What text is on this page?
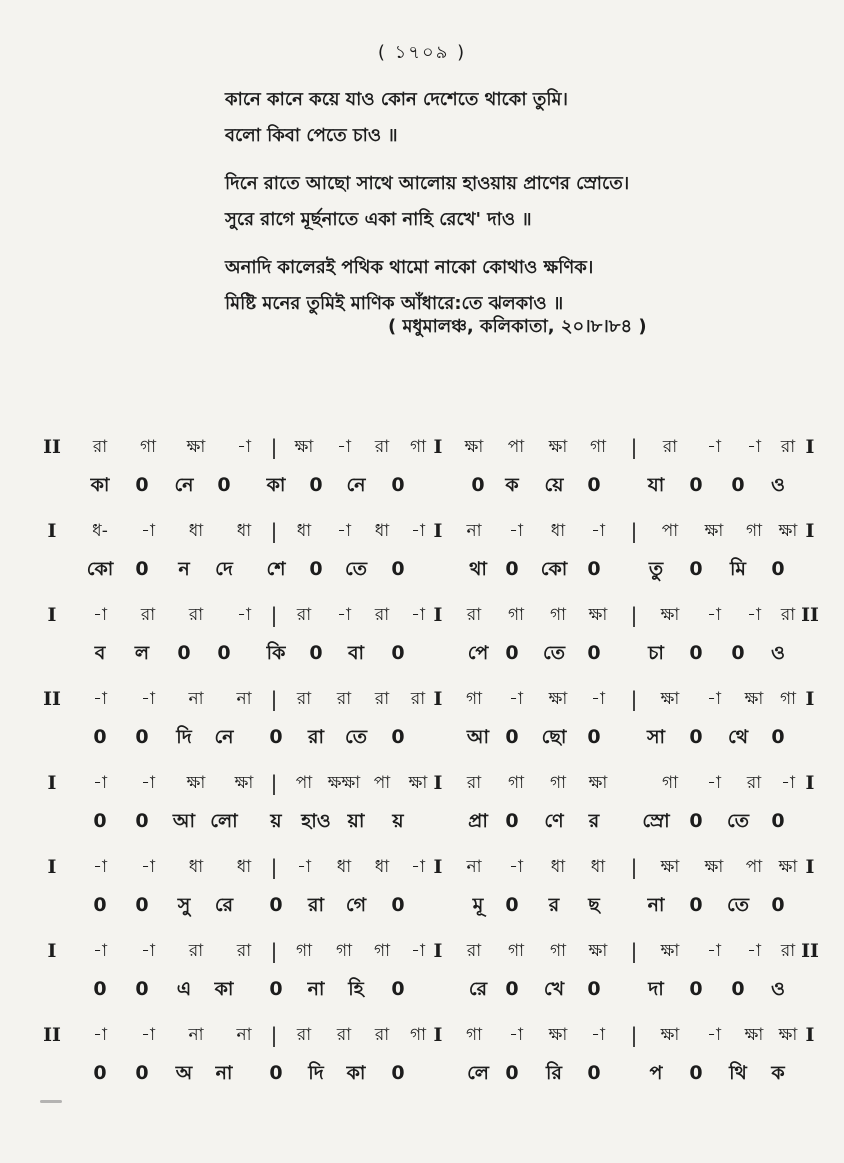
( ১৭০৯ )
কানে কানে কয়ে যাও কোন দেশেতে থাকো তুমি।
বলো কিবা পেতে চাও ॥
দিনে রাতে আছো সাথে আলোয় হাওয়ায় প্রাণের স্রোতে।
সুরে রাগে মূর্ছনাতে একা নাহি রেখে' দাও ॥
অনাদি কালেরই পথিক থামো নাকো কোথাও ক্ষণিক।
মিষ্টি মনের তুমিই মাণিক আঁধারে:তে ঝলকাও ॥
( মধুমালঞ্চ, কলিকাতা, ২০।৮।৮৪ )
II রা গা ক্ষা -া | ক্ষা -া রা গা I ক্ষা পা ক্ষা গা | রা -া -া রা I
কা 0 নে 0 কা 0 নে 0	0 ক য়ে 0 যা 0 0 ও
I ধ- -া ধা ধা | ধা -া ধা -া I না -া ধা -া | পা ক্ষা গা ক্ষা I
কো 0 ন দে শে 0 তে 0	থা 0 কো 0	তু 0 মি 0
I -া রা রা -া | রা -া রা -া I রা গা গা ক্ষা | ক্ষা -া -া রা II
ব ল 0 0 কি 0 বা 0	পে 0 তে 0	চা 0 0 ও
II -া -া না না | রা রা রা রা I গা -া ক্ষা -া | ক্ষা -া ক্ষা গা I
0 0 দি নে 0 রা তে 0	আ 0 ছো 0 সা 0 থে 0
I -া -া ক্ষা ক্ষা | পা ক্ষক্ষা পা ক্ষা I রা গা গা ক্ষা	গা -া রা -া I
0 0 আ লো য় হাও য়া য়	প্রা 0 ণে র স্রো 0 তে 0
I -া -া ধা ধা | -া ধা ধা -া I না -া ধা ধা | ক্ষা ক্ষা পা ক্ষা I
0 0 সু রে 0 রা গে 0	মূ 0 র ছ	না 0 তে 0
I -া -া রা রা | গা গা গা -া I রা গা গা ক্ষা | ক্ষা -া -া রা II
0 0 এ কা 0 না হি 0	রে 0 খে 0	দা 0 0 ও
II -া -া না না | রা রা রা গা I গা -া ক্ষা -া | ক্ষা -া ক্ষা ক্ষা I
0 0 অ না 0 দি কা 0	লে 0 রি 0	প 0 থি ক
